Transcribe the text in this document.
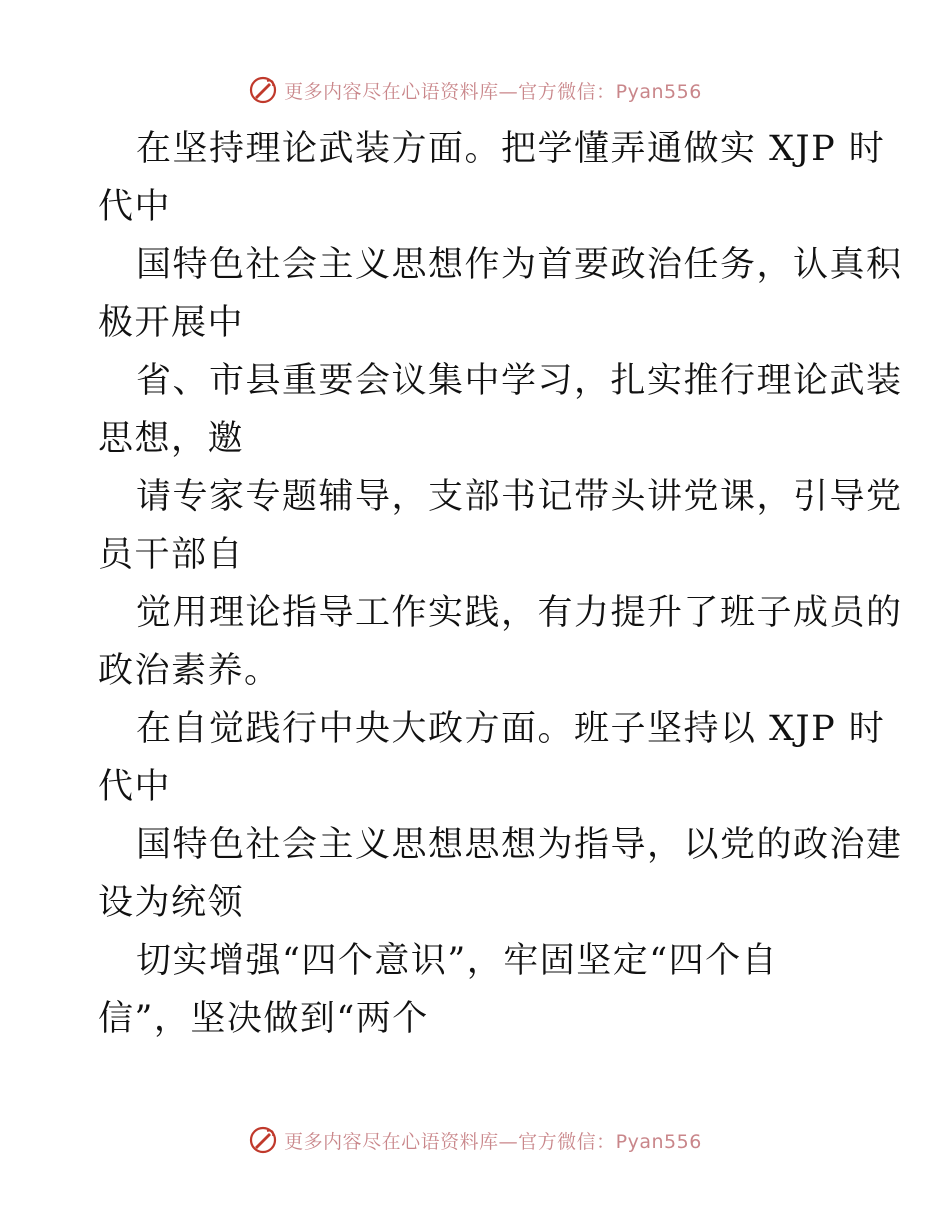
更多内容尽在心语资料库—官方微信：Pyan556
在坚持理论武装方面。把学懂弄通做实 XJP 时
代中
国特色社会主义思想作为首要政治任务，认真积
极开展中
省、市县重要会议集中学习，扎实推行理论武装
思想，邀
请专家专题辅导，支部书记带头讲党课，引导党
员干部自
觉用理论指导工作实践，有力提升了班子成员的
政治素养。
在自觉践行中央大政方面。班子坚持以 XJP 时
代中
国特色社会主义思想思想为指导，以党的政治建
设为统领
切实增强“四个意识”，牢固坚定“四个自
信”，坚决做到“两个
更多内容尽在心语资料库—官方微信：Pyan556
